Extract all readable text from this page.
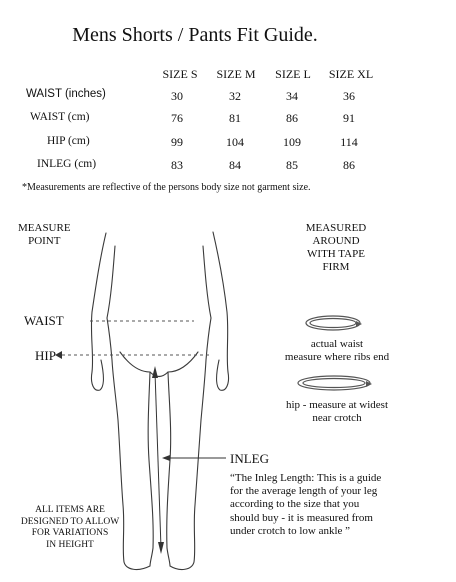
Mens Shorts / Pants Fit Guide.
SIZE S	SIZE M	SIZE L	SIZE XL
WAIST (inches)	30	32	34	36
WAIST (cm)	76	81	86	91
HIP (cm)	99	104	109	114
INLEG (cm)	83	84	85	86
*Measurements are reflective of the persons body size not garment size.
MEASURE
POINT
MEASURED
AROUND
WITH TAPE
FIRM
WAIST
HIP
INLEG
actual waist
measure where ribs end
hip - measure at widest
near crotch
“The Inleg Length: This is a guide for the average length of your leg according to the size that you should buy - it is measured from under crotch to low ankle ”
ALL ITEMS ARE
DESIGNED TO ALLOW
FOR VARIATIONS
IN HEIGHT
